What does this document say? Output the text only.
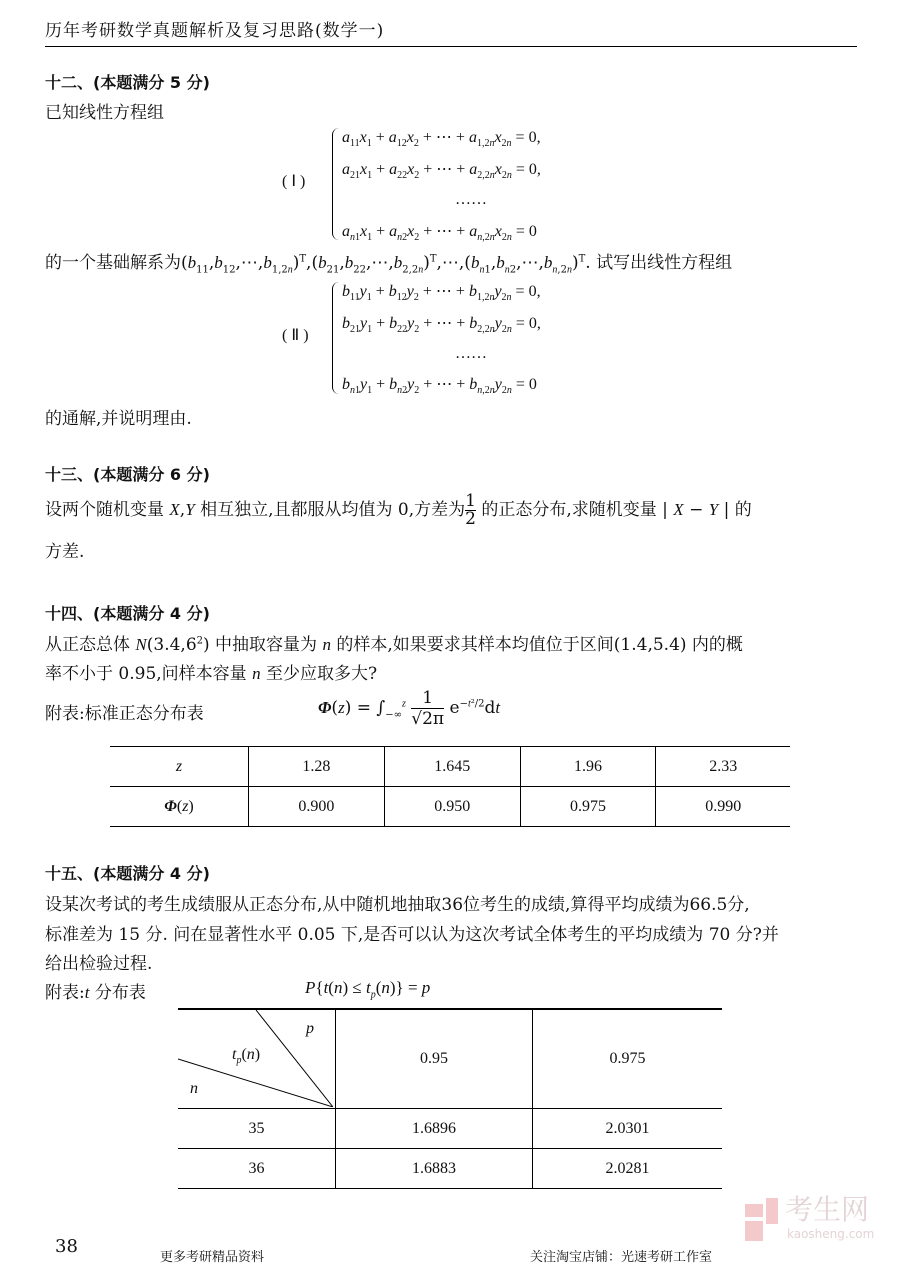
历年考研数学真题解析及复习思路(数学一)
十二、(本题满分 5 分)
已知线性方程组
( Ⅰ )
$a_{11}x_1 + a_{12}x_2$ + ⋯ + $a_{1,2n}x_{2n} = 0$,
$a_{21}x_1 + a_{22}x_2$ + ⋯ + $a_{2,2n}x_{2n} = 0$,
……
$a_{n1}x_1 + a_{n2}x_2$ + ⋯ + $a_{n,2n}x_{2n} = 0$
的一个基础解系为$(b_{11},b_{12},\cdots,b_{1,2n})^T,(b_{21},b_{22},\cdots,b_{2,2n})^T,\cdots,(b_{n1},b_{n2},\cdots,b_{n,2n})^T$. 试写出线性方程组
( Ⅱ )
$b_{11}y_1 + b_{12}y_2$ + ⋯ + $b_{1,2n}y_{2n} = 0$,
$b_{21}y_1 + b_{22}y_2$ + ⋯ + $b_{2,2n}y_{2n} = 0$,
……
$b_{n1}y_1 + b_{n2}y_2$ + ⋯ + $b_{n,2n}y_{2n} = 0$
的通解,并说明理由.
十三、(本题满分 6 分)
设两个随机变量 X,Y 相互独立,且都服从均值为 0,方差为1

2 的正态分布,求随机变量 | X − Y | 的
方差.
十四、(本题满分 4 分)
从正态总体 N(3.4,6$^2$) 中抽取容量为 n 的样本,如果要求其样本均值位于区间(1.4,5.4) 内的概
率不小于 0.95,问样本容量 n 至少应取多大?
附表:标准正态分布表	$\Phi(z) = \int_{-\infty}^z$ 1

√2π
$e^{-t^2/2}dt$
z	1.28	1.645	1.96	2.33
Φ(z)	0.900	0.950	0.975	0.990
十五、(本题满分 4 分)
设某次考试的考生成绩服从正态分布,从中随机地抽取36位考生的成绩,算得平均成绩为66.5分,
标准差为 15 分. 问在显著性水平 0.05 下,是否可以认为这次考试全体考生的平均成绩为 70 分?并
给出检验过程.
附表:t 分布表	$P\{t(n) \le t_p(n)\} = p$
p
$t_p(n)$
n	0.95	0.975
35	1.6896	2.0301
36	1.6883	2.0281
38
更多考研精品资料	关注淘宝店铺：光速考研工作室
考生网
kaosheng.com
